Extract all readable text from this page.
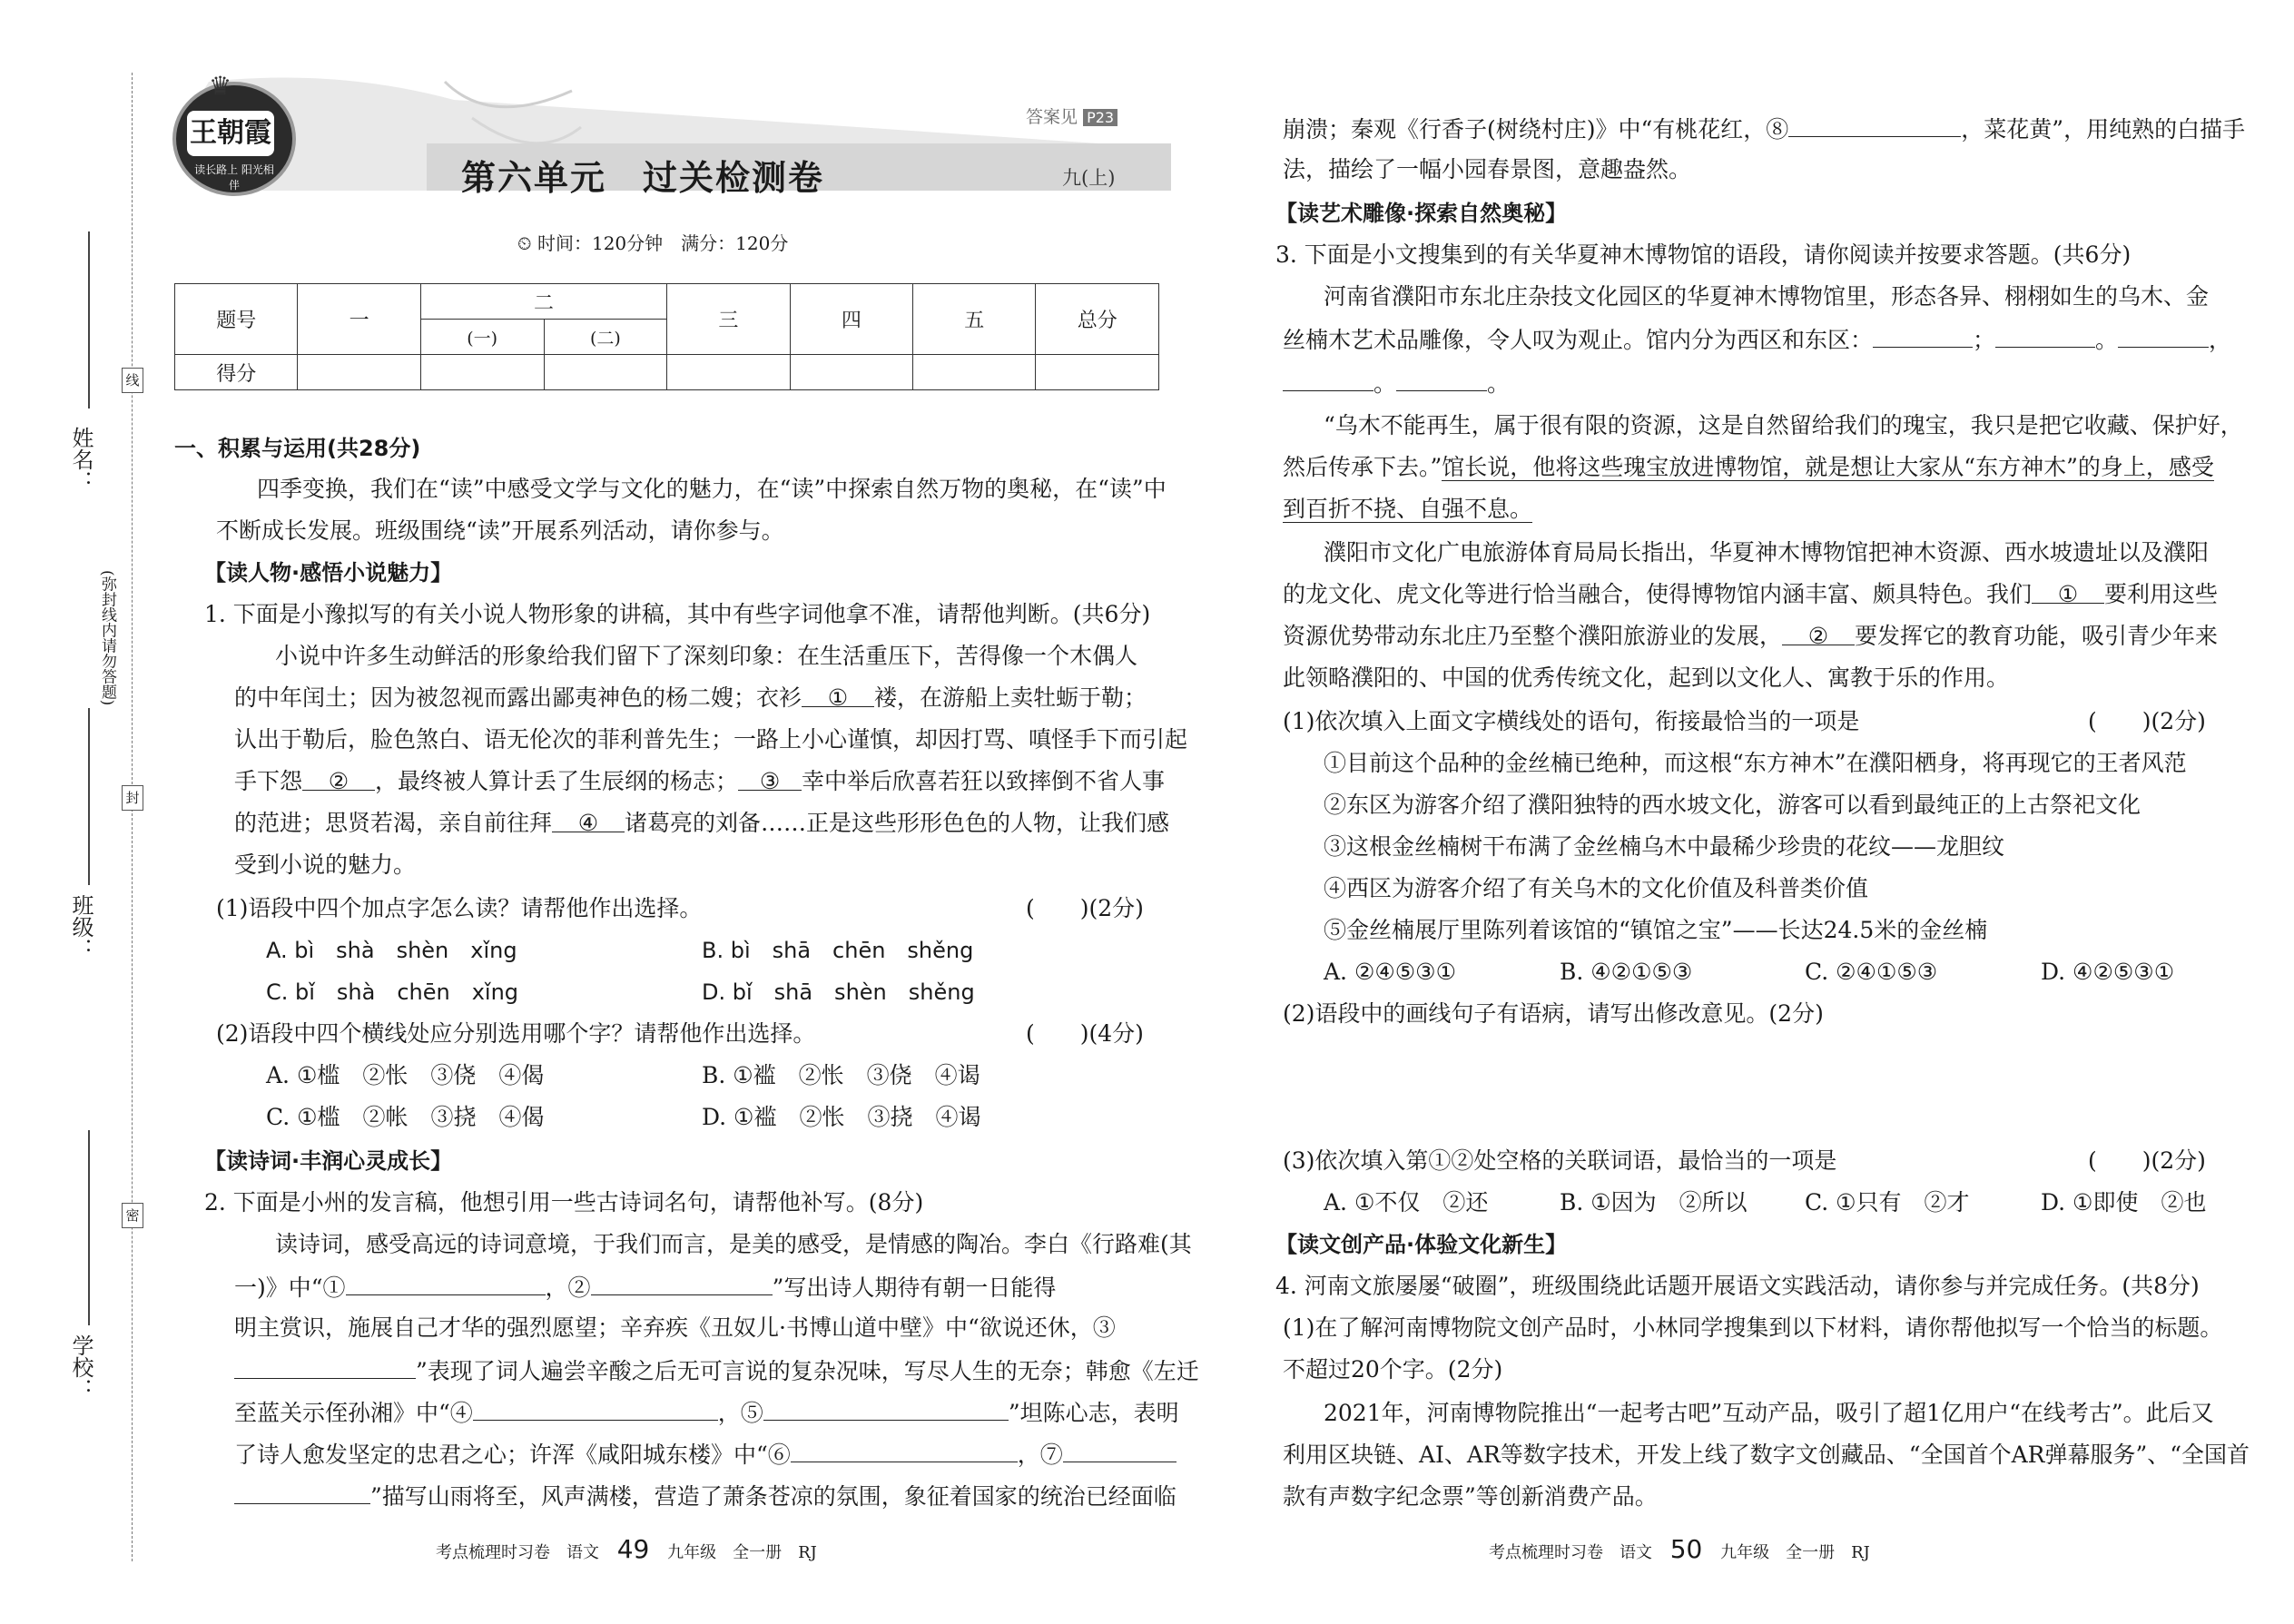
姓名：
班级：
学校：
(弥封线内请勿答题)
线
封
密
♛
王朝霞
读长路上 阳光相伴
答案见 P23
第六单元　过关检测卷	九(上)
⏲ 时间：120分钟　满分：120分
题号	一	二		三	四	五	总分
		(一)	(二)				
得分							
一、积累与运用(共28分)
四季变换，我们在“读”中感受文学与文化的魅力，在“读”中探索自然万物的奥秘，在“读”中
不断成长发展。班级围绕“读”开展系列活动，请你参与。
【读人物·感悟小说魅力】
1. 下面是小豫拟写的有关小说人物形象的讲稿，其中有些字词他拿不准，请帮他判断。(共6分)
小说中许多生动鲜活的形象给我们留下了深刻印象：在生活重压下，苦得像一个木偶人
的中年闰土；因为被忽视而露出鄙夷神色的杨二嫂；衣衫 ① 褛，在游船上卖牡蛎于勒；
认出于勒后，脸色煞白、语无伦次的菲利普先生；一路上小心谨慎，却因打骂、嗔怪手下而引起
手下怨 ② ，最终被人算计丢了生辰纲的杨志； ③ 幸中举后欣喜若狂以致摔倒不省人事
的范进；思贤若渴，亲自前往拜 ④ 诸葛亮的刘备……正是这些形形色色的人物，让我们感
受到小说的魅力。
(1)语段中四个加点字怎么读？请帮他作出选择。	(　　)(2分)
A. bì　shà　shèn　xǐng	B. bì　shā　chēn　shěng
C. bǐ　shà　chēn　xǐng	D. bǐ　shā　shèn　shěng
(2)语段中四个横线处应分别选用哪个字？请帮他作出选择。	(　　)(4分)
A. ①槛　②怅　③侥　④偈	B. ①褴　②怅　③侥　④谒
C. ①槛　②帐　③挠　④偈	D. ①褴　②怅　③挠　④谒
【读诗词·丰润心灵成长】
2. 下面是小州的发言稿，他想引用一些古诗词名句，请帮他补写。(8分)
读诗词，感受高远的诗词意境，于我们而言，是美的感受，是情感的陶冶。李白《行路难(其
一)》中“①	，②	”写出诗人期待有朝一日能得
明主赏识，施展自己才华的强烈愿望；辛弃疾《丑奴儿·书博山道中壁》中“欲说还休，③
”表现了词人遍尝辛酸之后无可言说的复杂况味，写尽人生的无奈；韩愈《左迁
至蓝关示侄孙湘》中“④	，⑤	”坦陈心志，表明
了诗人愈发坚定的忠君之心；许浑《咸阳城东楼》中“⑥	，⑦
”描写山雨将至，风声满楼，营造了萧条苍凉的氛围，象征着国家的统治已经面临
考点梳理时习卷　语文 49 九年级　全一册　RJ
崩溃；秦观《行香子(树绕村庄)》中“有桃花红，⑧	，菜花黄”，用纯熟的白描手
法，描绘了一幅小园春景图，意趣盎然。
【读艺术雕像·探索自然奥秘】
3. 下面是小文搜集到的有关华夏神木博物馆的语段，请你阅读并按要求答题。(共6分)
河南省濮阳市东北庄杂技文化园区的华夏神木博物馆里，形态各异、栩栩如生的乌木、金
丝楠木艺术品雕像，令人叹为观止。馆内分为西区和东区：	；	。	，
。	。
“乌木不能再生，属于很有限的资源，这是自然留给我们的瑰宝，我只是把它收藏、保护好，
然后传承下去。”馆长说，他将这些瑰宝放进博物馆，就是想让大家从“东方神木”的身上，感受
到百折不挠、自强不息。
濮阳市文化广电旅游体育局局长指出，华夏神木博物馆把神木资源、西水坡遗址以及濮阳
的龙文化、虎文化等进行恰当融合，使得博物馆内涵丰富、颇具特色。我们 ① 要利用这些
资源优势带动东北庄乃至整个濮阳旅游业的发展， ② 要发挥它的教育功能，吸引青少年来
此领略濮阳的、中国的优秀传统文化，起到以文化人、寓教于乐的作用。
(1)依次填入上面文字横线处的语句，衔接最恰当的一项是	(　　)(2分)
①目前这个品种的金丝楠已绝种，而这根“东方神木”在濮阳栖身，将再现它的王者风范
②东区为游客介绍了濮阳独特的西水坡文化，游客可以看到最纯正的上古祭祀文化
③这根金丝楠树干布满了金丝楠乌木中最稀少珍贵的花纹——龙胆纹
④西区为游客介绍了有关乌木的文化价值及科普类价值
⑤金丝楠展厅里陈列着该馆的“镇馆之宝”——长达24.5米的金丝楠
A. ②④⑤③①	B. ④②①⑤③	C. ②④①⑤③	D. ④②⑤③①
(2)语段中的画线句子有语病，请写出修改意见。(2分)
(3)依次填入第①②处空格的关联词语，最恰当的一项是	(　　)(2分)
A. ①不仅　②还	B. ①因为　②所以	C. ①只有　②才	D. ①即使　②也
【读文创产品·体验文化新生】
4. 河南文旅屡屡“破圈”，班级围绕此话题开展语文实践活动，请你参与并完成任务。(共8分)
(1)在了解河南博物院文创产品时，小林同学搜集到以下材料，请你帮他拟写一个恰当的标题。
不超过20个字。(2分)
2021年，河南博物院推出“一起考古吧”互动产品，吸引了超1亿用户“在线考古”。此后又
利用区块链、AI、AR等数字技术，开发上线了数字文创藏品、“全国首个AR弹幕服务”、“全国首
款有声数字纪念票”等创新消费产品。
考点梳理时习卷　语文 50 九年级　全一册　RJ
